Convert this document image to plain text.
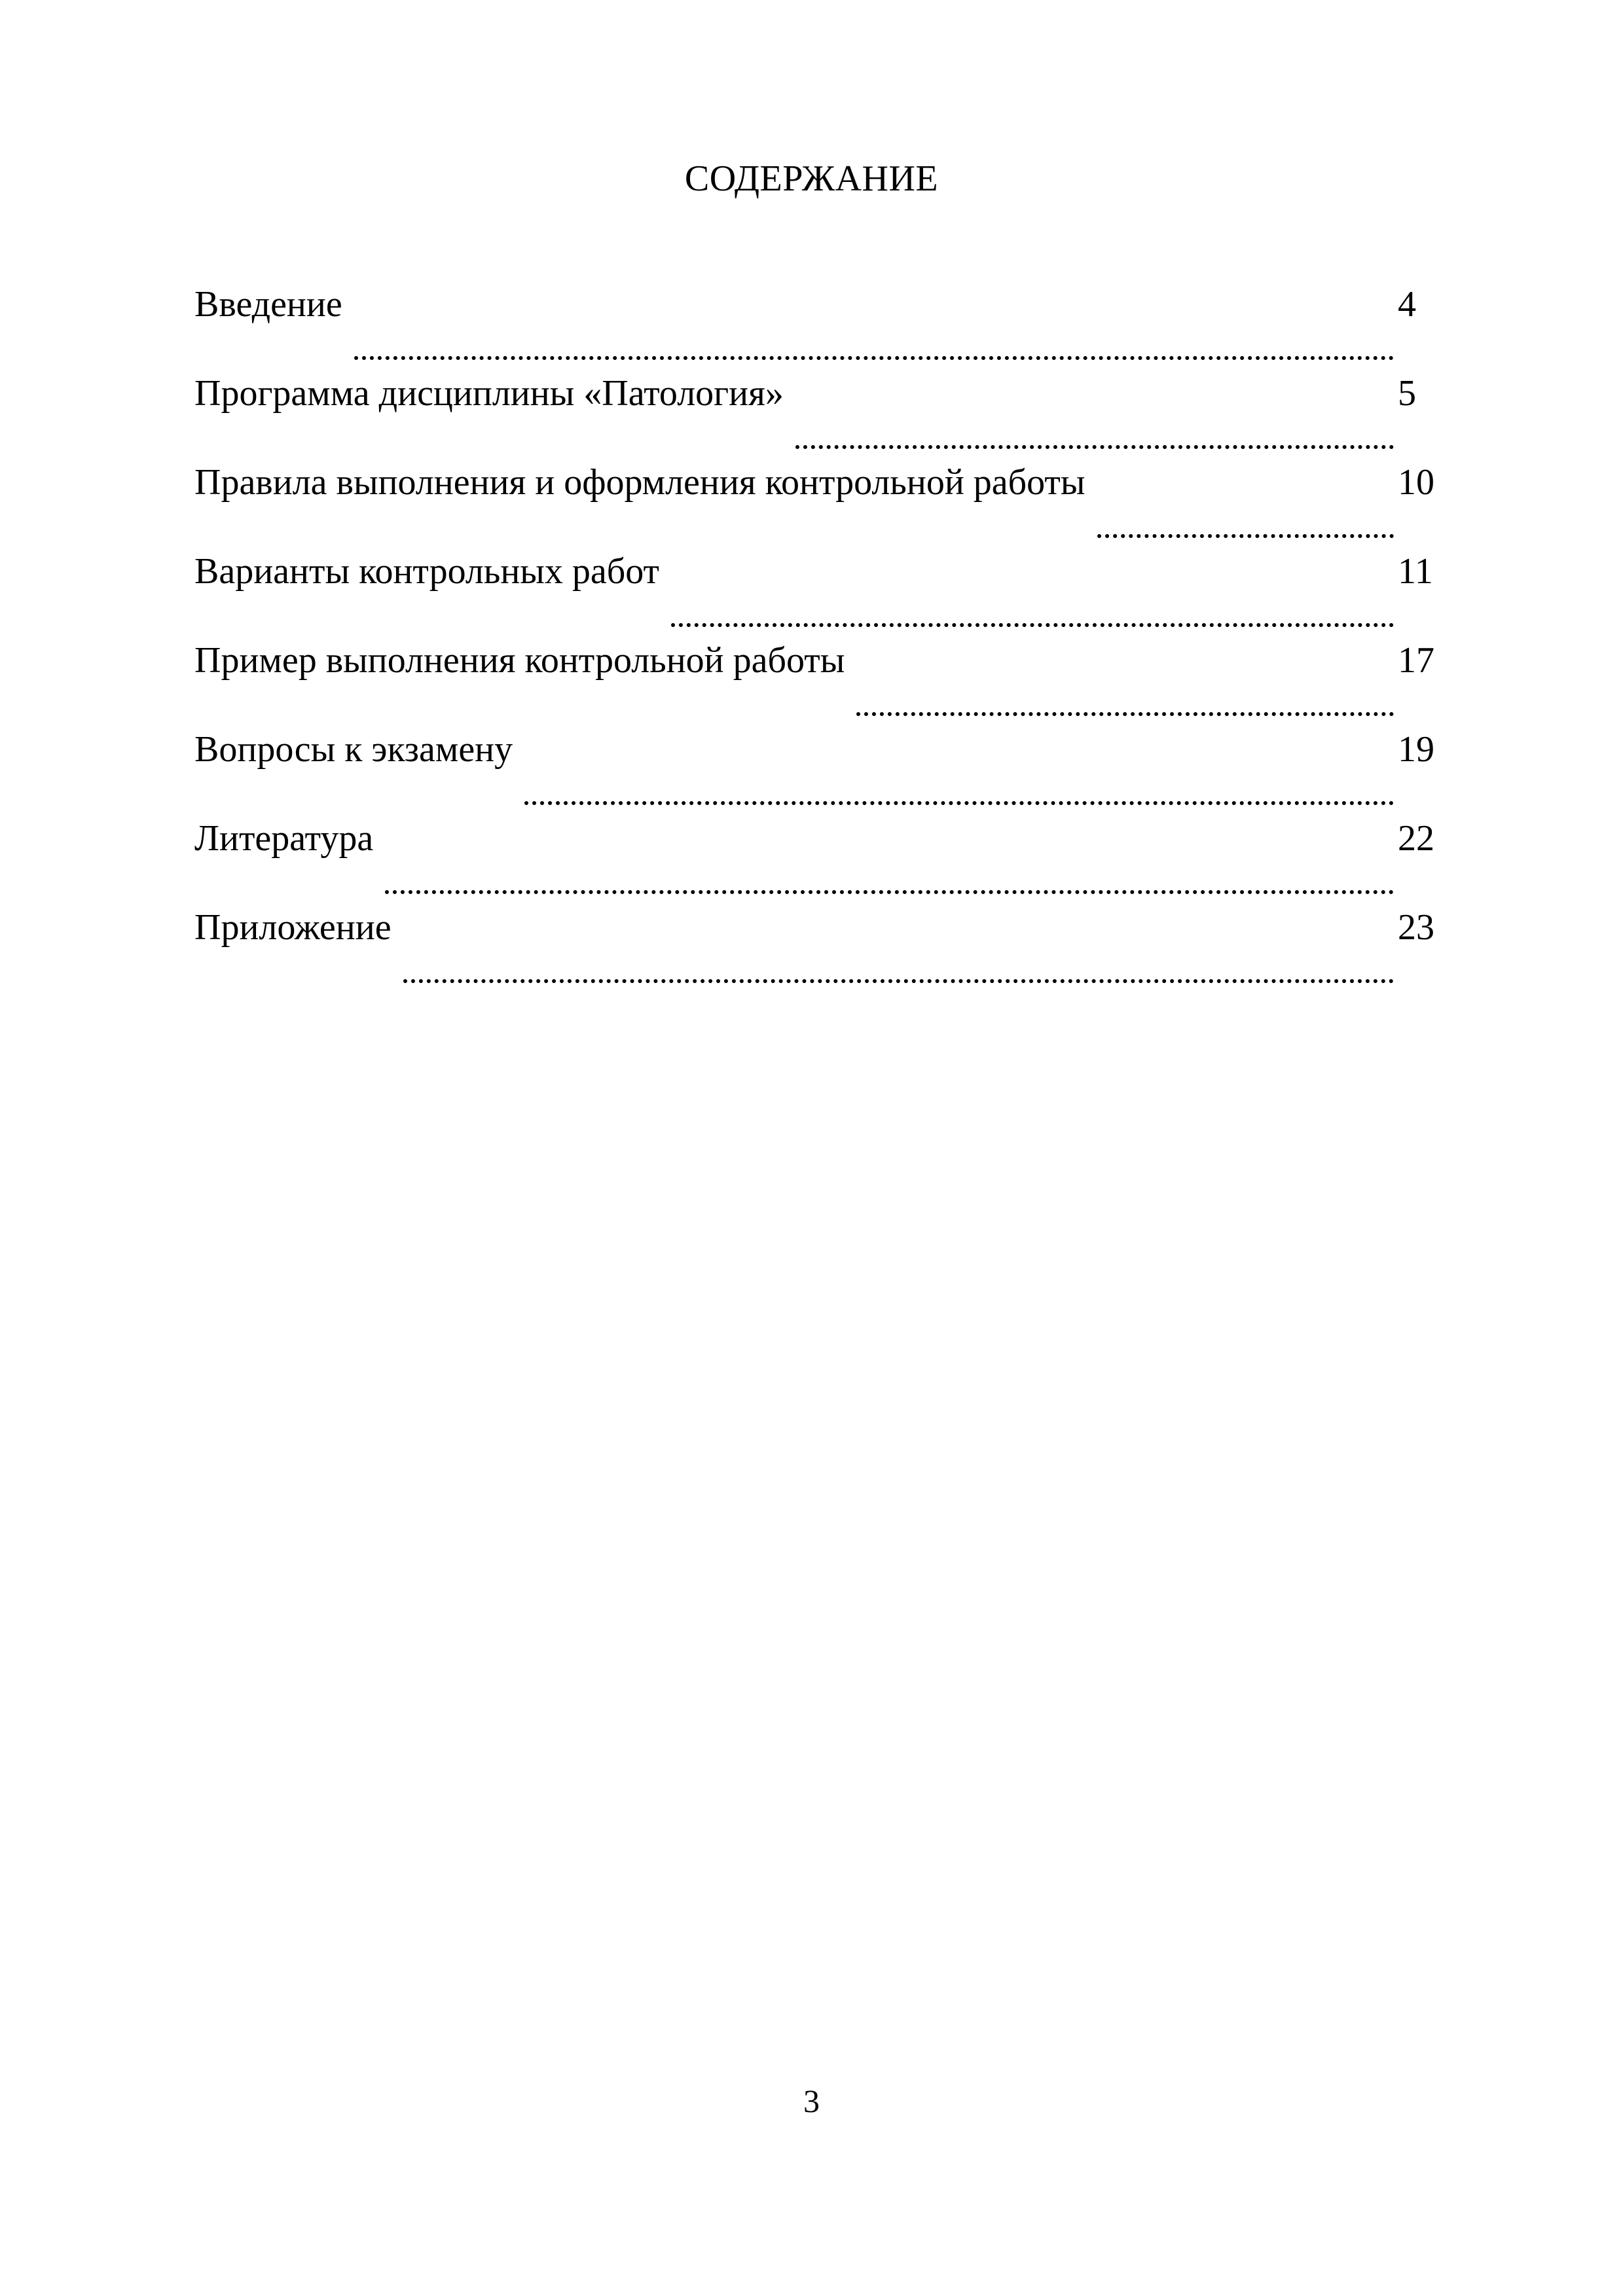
СОДЕРЖАНИЕ
Введение	4
Программа дисциплины «Патология»	5
Правила выполнения и оформления контрольной работы	10
Варианты контрольных работ	11
Пример выполнения контрольной работы	17
Вопросы к экзамену	19
Литература	22
Приложение	23
3
